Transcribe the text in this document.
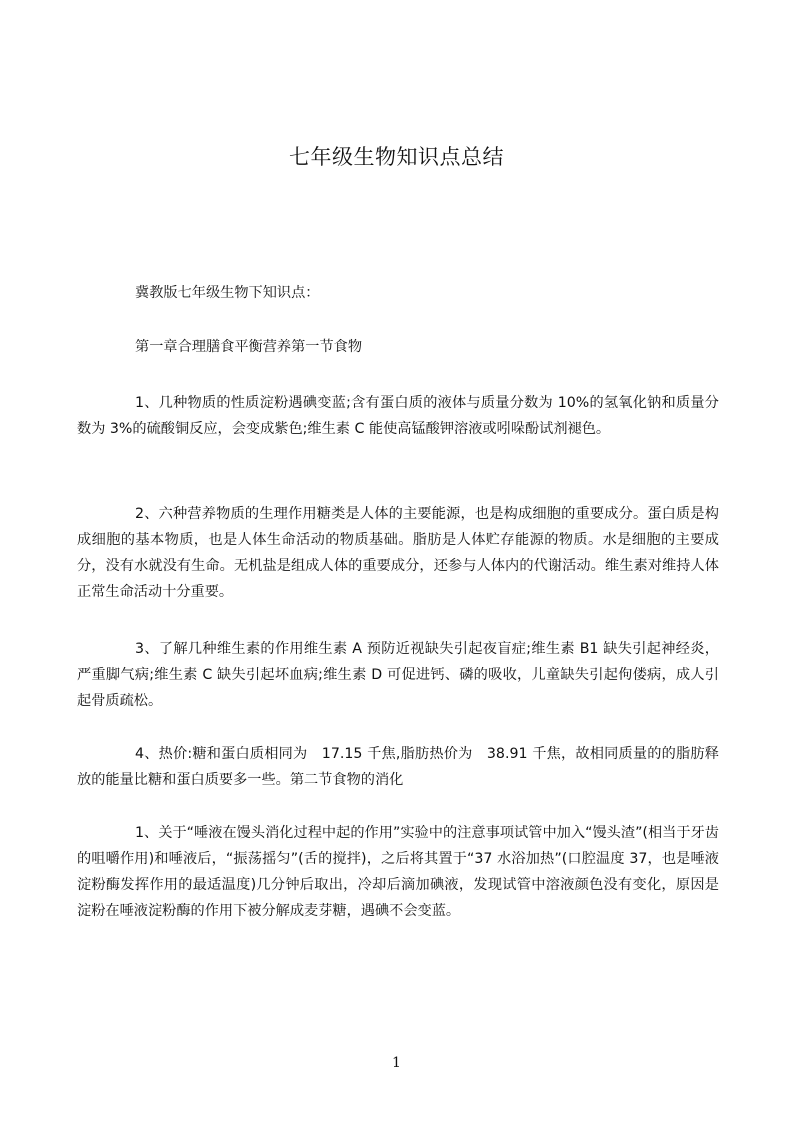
七年级生物知识点总结

冀教版七年级生物下知识点：

第一章合理膳食平衡营养第一节食物

1、几种物质的性质淀粉遇碘变蓝;含有蛋白质的液体与质量分数为 10%的氢氧化钠和质量分数为 3%的硫酸铜反应，会变成紫色;维生素 C 能使高锰酸钾溶液或吲哚酚试剂褪色。

2、六种营养物质的生理作用糖类是人体的主要能源，也是构成细胞的重要成分。蛋白质是构成细胞的基本物质，也是人体生命活动的物质基础。脂肪是人体贮存能源的物质。水是细胞的主要成分，没有水就没有生命。无机盐是组成人体的重要成分，还参与人体内的代谢活动。维生素对维持人体正常生命活动十分重要。

3、了解几种维生素的作用维生素 A 预防近视缺失引起夜盲症;维生素 B1 缺失引起神经炎，严重脚气病;维生素 C 缺失引起坏血病;维生素 D 可促进钙、磷的吸收，儿童缺失引起佝偻病，成人引起骨质疏松。

4、热价:糖和蛋白质相同为　17.15 千焦,脂肪热价为　38.91 千焦，故相同质量的的脂肪释放的能量比糖和蛋白质要多一些。第二节食物的消化

1、关于“唾液在馒头消化过程中起的作用”实验中的注意事项试管中加入“馒头渣”(相当于牙齿的咀嚼作用)和唾液后，“振荡摇匀”(舌的搅拌)，之后将其置于“37 水浴加热”(口腔温度 37，也是唾液淀粉酶发挥作用的最适温度)几分钟后取出，冷却后滴加碘液，发现试管中溶液颜色没有变化，原因是淀粉在唾液淀粉酶的作用下被分解成麦芽糖，遇碘不会变蓝。

1
